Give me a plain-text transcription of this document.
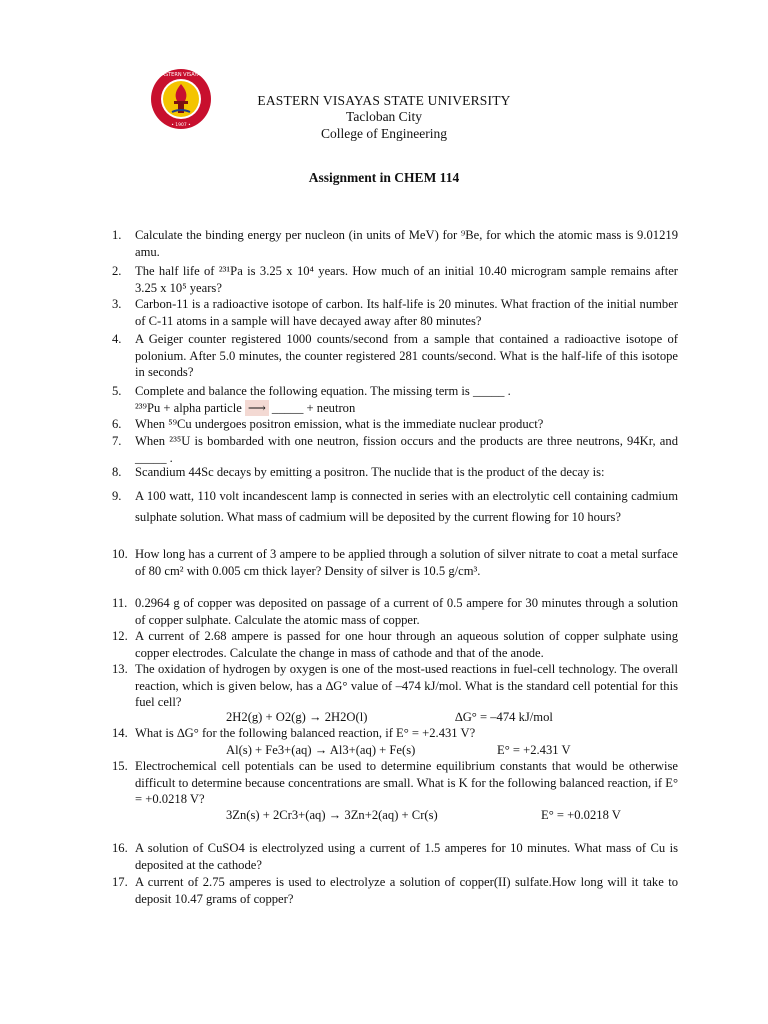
EASTERN VISAYAS
• 1907 •
EASTERN VISAYAS STATE UNIVERSITY
Tacloban City
College of Engineering
Assignment in CHEM 114
1. Calculate the binding energy per nucleon (in units of MeV) for ⁹Be, for which the atomic mass is 9.01219 amu.
2. The half life of ²³¹Pa is 3.25 x 10⁴ years. How much of an initial 10.40 microgram sample remains after 3.25 x 10⁵ years?
3. Carbon-11 is a radioactive isotope of carbon. Its half-life is 20 minutes. What fraction of the initial number of C-11 atoms in a sample will have decayed away after 80 minutes?
4. A Geiger counter registered 1000 counts/second from a sample that contained a radioactive isotope of polonium. After 5.0 minutes, the counter registered 281 counts/second. What is the half-life of this isotope in seconds?
5. Complete and balance the following equation. The missing term is _____ .
²³⁹Pu + alpha particle ⟶ _____ + neutron
6. When ⁵⁹Cu undergoes positron emission, what is the immediate nuclear product?
7. When ²³⁵U is bombarded with one neutron, fission occurs and the products are three neutrons, 94Kr, and _____ .
8. Scandium 44Sc decays by emitting a positron. The nuclide that is the product of the decay is:
9. A 100 watt, 110 volt incandescent lamp is connected in series with an electrolytic cell containing cadmium sulphate solution. What mass of cadmium will be deposited by the current flowing for 10 hours?
10. How long has a current of 3 ampere to be applied through a solution of silver nitrate to coat a metal surface of 80 cm² with 0.005 cm thick layer? Density of silver is 10.5 g/cm³.
11. 0.2964 g of copper was deposited on passage of a current of 0.5 ampere for 30 minutes through a solution of copper sulphate. Calculate the atomic mass of copper.
12. A current of 2.68 ampere is passed for one hour through an aqueous solution of copper sulphate using copper electrodes. Calculate the change in mass of cathode and that of the anode.
13. The oxidation of hydrogen by oxygen is one of the most-used reactions in fuel-cell technology. The overall reaction, which is given below, has a ∆G° value of –474 kJ/mol. What is the standard cell potential for this fuel cell?
2H2(g) + O2(g) → 2H2O(l)	∆G° = –474 kJ/mol
14. What is ∆G° for the following balanced reaction, if E° = +2.431 V?
Al(s) + Fe3+(aq) → Al3+(aq) + Fe(s)	E° = +2.431 V
15. Electrochemical cell potentials can be used to determine equilibrium constants that would be otherwise difficult to determine because concentrations are small. What is K for the following balanced reaction, if E° = +0.0218 V?
3Zn(s) + 2Cr3+(aq) → 3Zn+2(aq) + Cr(s)	E° = +0.0218 V
16. A solution of CuSO4 is electrolyzed using a current of 1.5 amperes for 10 minutes. What mass of Cu is deposited at the cathode?
17. A current of 2.75 amperes is used to electrolyze a solution of copper(II) sulfate.How long will it take to deposit 10.47 grams of copper?
